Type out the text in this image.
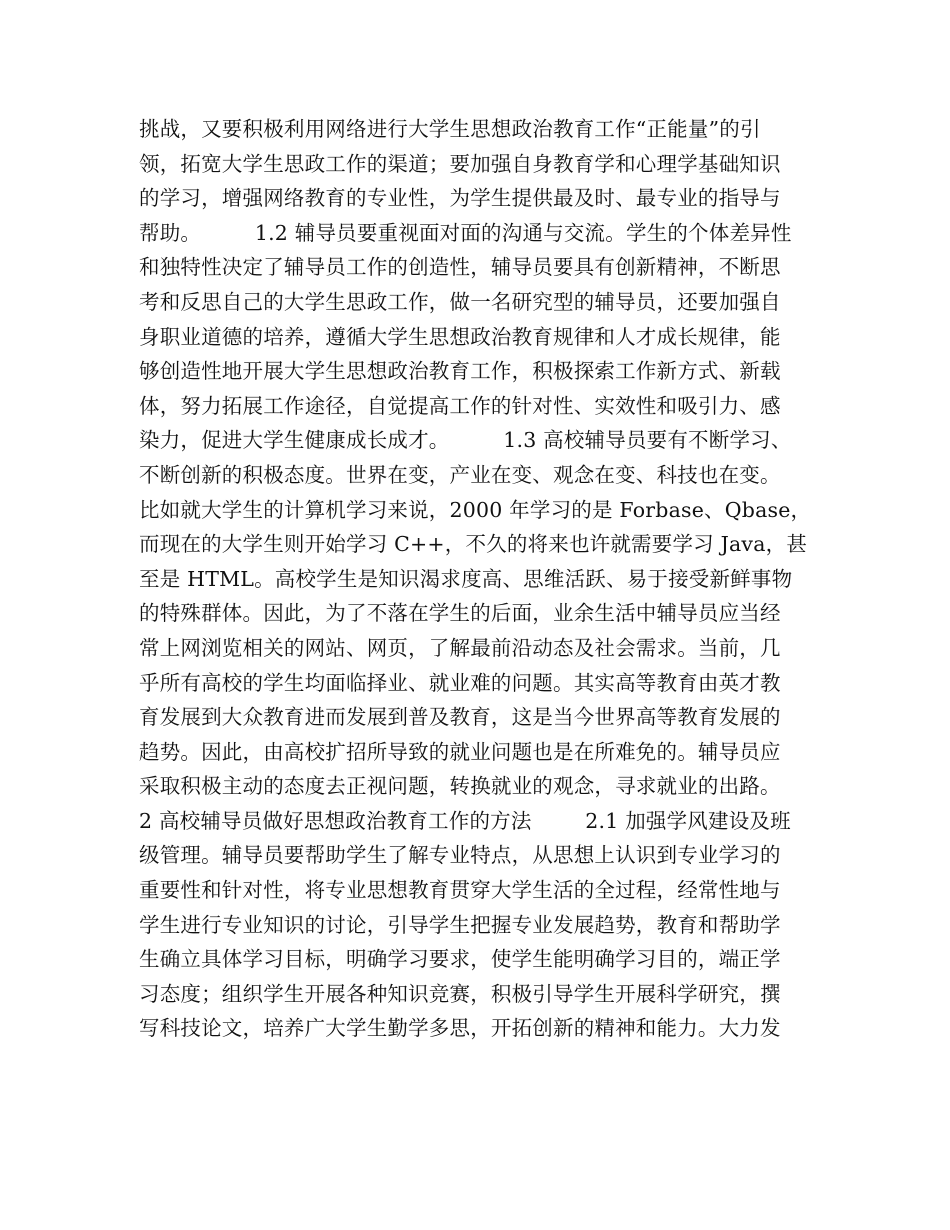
挑战，又要积极利用网络进行大学生思想政治教育工作“正能量”的引
领，拓宽大学生思政工作的渠道；要加强自身教育学和心理学基础知识
的学习，增强网络教育的专业性，为学生提供最及时、最专业的指导与
帮助。        1.2 辅导员要重视面对面的沟通与交流。学生的个体差异性
和独特性决定了辅导员工作的创造性，辅导员要具有创新精神，不断思
考和反思自己的大学生思政工作，做一名研究型的辅导员，还要加强自
身职业道德的培养，遵循大学生思想政治教育规律和人才成长规律，能
够创造性地开展大学生思想政治教育工作，积极探索工作新方式、新载
体，努力拓展工作途径，自觉提高工作的针对性、实效性和吸引力、感
染力，促进大学生健康成长成才。        1.3 高校辅导员要有不断学习、
不断创新的积极态度。世界在变，产业在变、观念在变、科技也在变。
比如就大学生的计算机学习来说，2000 年学习的是 Forbase、Qbase，
而现在的大学生则开始学习 C++，不久的将来也许就需要学习 Java，甚
至是 HTML。高校学生是知识渴求度高、思维活跃、易于接受新鲜事物
的特殊群体。因此，为了不落在学生的后面，业余生活中辅导员应当经
常上网浏览相关的网站、网页，了解最前沿动态及社会需求。当前，几
乎所有高校的学生均面临择业、就业难的问题。其实高等教育由英才教
育发展到大众教育进而发展到普及教育，这是当今世界高等教育发展的
趋势。因此，由高校扩招所导致的就业问题也是在所难免的。辅导员应
采取积极主动的态度去正视问题，转换就业的观念，寻求就业的出路。
2 高校辅导员做好思想政治教育工作的方法        2.1 加强学风建设及班
级管理。辅导员要帮助学生了解专业特点，从思想上认识到专业学习的
重要性和针对性，将专业思想教育贯穿大学生活的全过程，经常性地与
学生进行专业知识的讨论，引导学生把握专业发展趋势，教育和帮助学
生确立具体学习目标，明确学习要求，使学生能明确学习目的，端正学
习态度；组织学生开展各种知识竞赛，积极引导学生开展科学研究，撰
写科技论文，培养广大学生勤学多思，开拓创新的精神和能力。大力发
